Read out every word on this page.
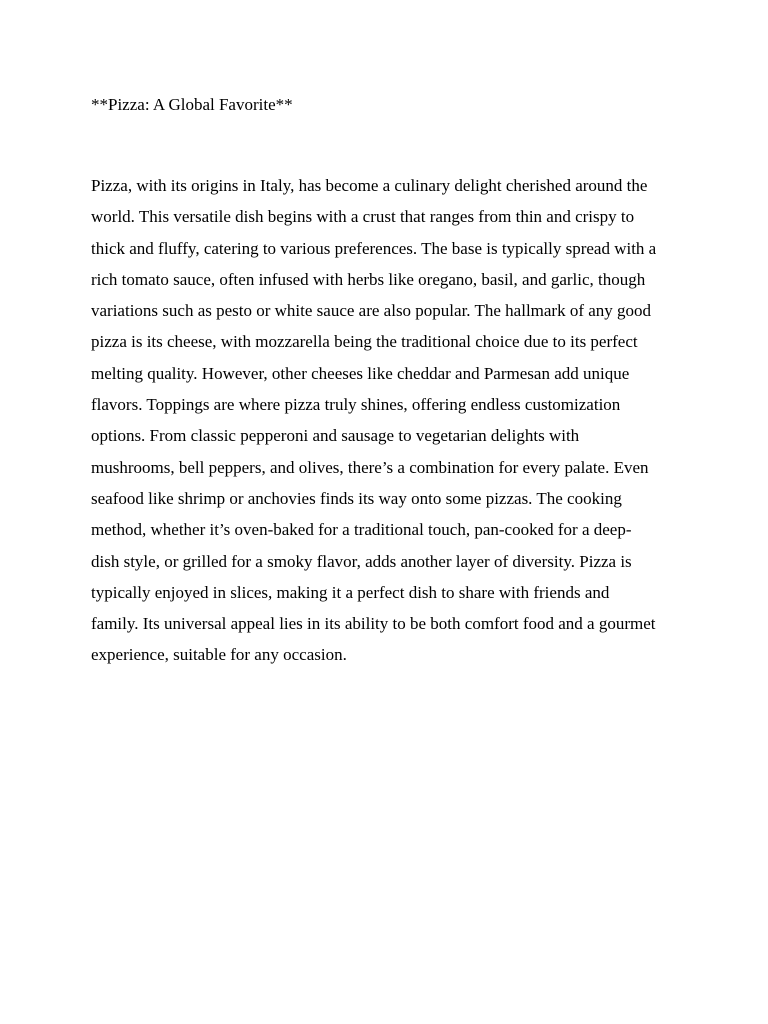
**Pizza: A Global Favorite**
Pizza, with its origins in Italy, has become a culinary delight cherished around the
world. This versatile dish begins with a crust that ranges from thin and crispy to
thick and fluffy, catering to various preferences. The base is typically spread with a
rich tomato sauce, often infused with herbs like oregano, basil, and garlic, though
variations such as pesto or white sauce are also popular. The hallmark of any good
pizza is its cheese, with mozzarella being the traditional choice due to its perfect
melting quality. However, other cheeses like cheddar and Parmesan add unique
flavors. Toppings are where pizza truly shines, offering endless customization
options. From classic pepperoni and sausage to vegetarian delights with
mushrooms, bell peppers, and olives, there’s a combination for every palate. Even
seafood like shrimp or anchovies finds its way onto some pizzas. The cooking
method, whether it’s oven-baked for a traditional touch, pan-cooked for a deep-
dish style, or grilled for a smoky flavor, adds another layer of diversity. Pizza is
typically enjoyed in slices, making it a perfect dish to share with friends and
family. Its universal appeal lies in its ability to be both comfort food and a gourmet
experience, suitable for any occasion.
